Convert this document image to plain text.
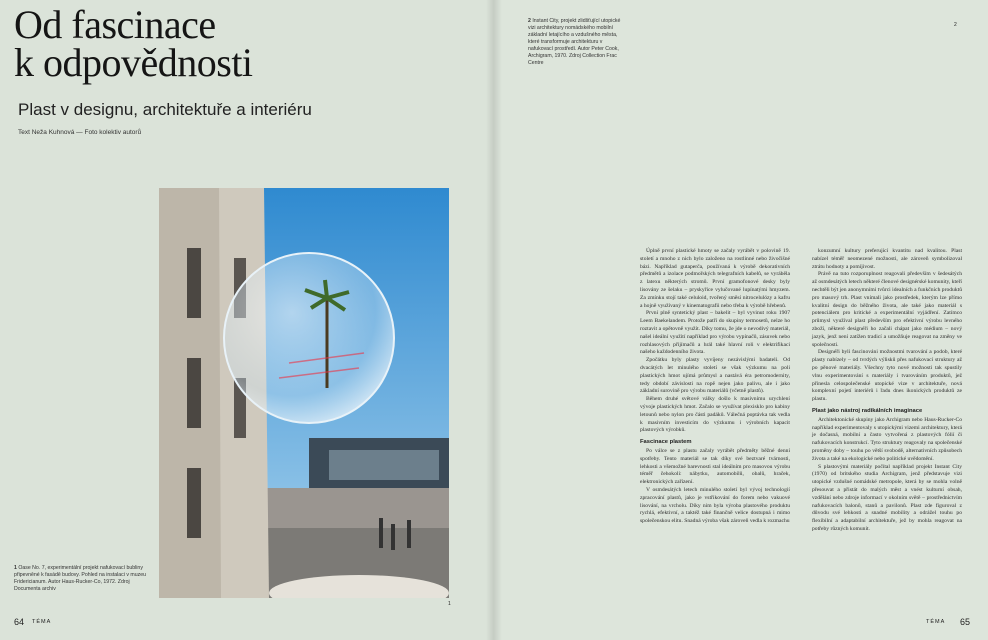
Od fascinace
k odpovědnosti
Plast v designu, architektuře a interiéru
Text Neža Kuhnová — Foto kolektiv autorů
1 Oase No. 7, experimentální projekt nafukovací bubliny připevněné k fasádě budovy. Pohled na instalaci v muzeu Fridericianum. Autor Haus-Rucker-Co, 1972. Zdroj Documenta archiv
1
64 TÉMA
2 Instant City, projekt zlidšťující utopické vizi architektury nomádského mobilní základní letajícího a vzdušného města, které transformuje architekturu v nafukovací prostředí. Autor Peter Cook, Archigram, 1970. Zdroj Collection Frac Centre
2

Úplně první plastické hmoty se začaly vyrábět v polovině 19. století a mnoho z nich bylo založeno na rostlinné nebo živočišné bázi. Například gutaperča, používaná k výrobě dekorativních předmětů a izolace podmořských telegrafních kabelů, se vyráběla z latexu některých stromů. První gramofonové desky byly lisovány ze šelaku – pryskyřice vylučované lupínatými hmyzem. Za zmínku stojí také celuloid, tvořený směsí nitrocelulózy a kafru a hojně využívaný v kinematografii nebo třeba k výrobě hřebenů.

První plně syntetický plast – bakelit – byl vyvinut roku 1907 Leem Baekelandem. Protože patří do skupiny termosetů, nelze ho roztavit a opětovně využít. Díky tomu, že jde o nevodivý materiál, našel ideální využití například pro výrobu vypínačů, zásuvek nebo rozhlasových přijímačů a hrál také hlavní roli v elektrifikaci našeho každodenního života.

Zpočátku byly plasty vyvíjeny nezávislými badateli. Od dvacátých let minulého století se však výzkumu na poli plastických hmot ujímá průmysl a nastává éra petromodernity, tedy období závislosti na ropě nejen jako palivu, ale i jako základní surovině pro výrobu materiálů (včetně plastů).

Během druhé světové války došlo k masivnímu urychlení vývoje plastických hmot. Začalo se využívat plexisklo pro kabiny letounů nebo nylon pro části padáků. Válečná poptávka tak vedla k masivním investicím do výzkumu i výrobních kapacit plastových výrobků.

Fascinace plastem

Po válce se z plastu začaly vyrábět předměty běžné denní spotřeby. Tento materiál se tak díky své beztvaré tvárnosti, lehkosti a všemožné barevnosti stal ideálním pro masovou výrobu téměř čehokoli: nábytku, automobilů, obalů, hraček, elektronických zařízení.

V osmdesátých letech minulého století byl vývoj technologií zpracování plastů, jako je vstřikování do forem nebo vakuové lisování, na vrcholu. Díky nim byla výroba plastového produktu rychlá, efektivní, a taktéž také finančně velice dostupná i mimo společenskou elitu. Snadná výroba však zároveň vedla k rozmachu

konzumní kultury preferující kvantitu nad kvalitou. Plast nabízel téměř neomezené možnosti, ale zároveň symbolizoval ztrátu hodnoty a pomíjivost.

Právě na tuto rozporuplnost reagovali především v šedesátých až osmdesátých letech některé členové designérské komunity, kteří nechtěli být jen anonymními tvůrci idealních a funkčních produktů pro masový trh. Plast vnímali jako prostředek, kterým lze přímo kvalitní design do běžného života, ale také jako materiál s potenciálem pro kritické a experimentální vyjádření. Zatímco průmysl využíval plast především pro efektivní výrobu levného zboží, některé designéři ho začali chápat jako médium – nový jazyk, jenž není zatížen tradicí a umožňuje reagovat na změny ve společnosti.

Designéři byli fascinováni možnostmi tvarování a podob, které plasty nabízely – od tvrdých výlisků přes nafukovací struktury až po pěnové materiály. Všechny tyto nové možnosti tak spustily vlnu experimentování s materiály i tvarováním produktů, jež přinesla celospolečenské utopické vize v architektuře, nová komplexní pojetí interiérů i řadu dnes ikonických produktů ze plastu.

Plast jako nástroj radikálních imaginace

Architektonické skupiny jako Archigram nebo Haus-Rucker-Co například experimentovaly s utopickými vizemi architektury, která je dočasná, mobilní a často vytvořená z plastových fólií či nafukovacích konstrukcí. Tyto struktury reagovaly na společenské proměny doby – touhu po větší svobodě, alternativních způsobech života a také na ekologické nebo politické uvědomění.

S plastovými materiály počítal například projekt Instant City (1970) od britského studia Archigram, jenž představuje vizi utopické vzdušné nomádské metropole, která by se mohla volně přesouvat a přistát do malých měst a vnést kulturní obsah, vzdělání nebo zdroje informací v okolním světě – prostřednictvím nafukovacích balonů, stanů a pavilonů. Plast zde figuroval z důvodu své lehkosti a snadné mobility a odrážel touhu po flexibilní a adaptabilní architektuře, jež by mohla reagovat na potřeby různých komunit.

TÉMA 65
